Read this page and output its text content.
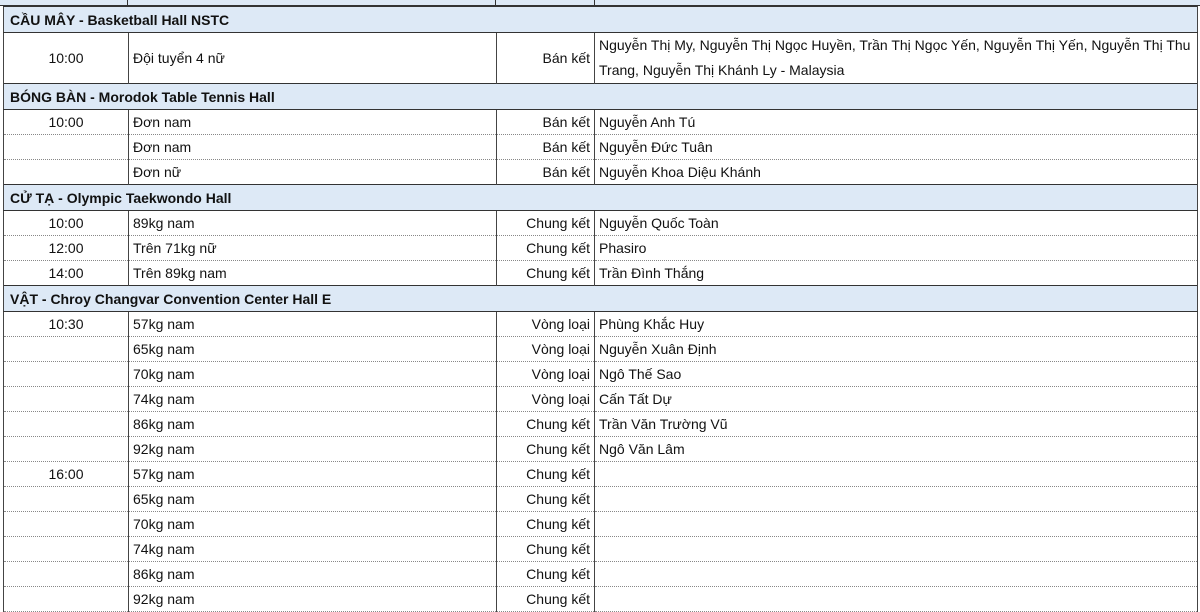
CẦU MÂY - Basketball Hall NSTC			
10:00	Đội tuyển 4 nữ	Bán kết	Nguyễn Thị My, Nguyễn Thị Ngọc Huyền, Trần Thị Ngọc Yến, Nguyễn Thị Yến, Nguyễn Thị Thu Trang, Nguyễn Thị Khánh Ly - Malaysia
BÓNG BÀN - Morodok Table Tennis Hall			
10:00	Đơn nam	Bán kết	Nguyễn Anh Tú
	Đơn nam	Bán kết	Nguyễn Đức Tuân
	Đơn nữ	Bán kết	Nguyễn Khoa Diệu Khánh
CỬ TẠ - Olympic Taekwondo Hall			
10:00	89kg nam	Chung kết	Nguyễn Quốc Toàn
12:00	Trên 71kg nữ	Chung kết	Phasiro
14:00	Trên 89kg nam	Chung kết	Trần Đình Thắng
VẬT - Chroy Changvar Convention Center Hall E			
10:30	57kg nam	Vòng loại	Phùng Khắc Huy
	65kg nam	Vòng loại	Nguyễn Xuân Định
	70kg nam	Vòng loại	Ngô Thế Sao
	74kg nam	Vòng loại	Cấn Tất Dự
	86kg nam	Chung kết	Trần Văn Trường Vũ
	92kg nam	Chung kết	Ngô Văn Lâm
16:00	57kg nam	Chung kết	
	65kg nam	Chung kết	
	70kg nam	Chung kết	
	74kg nam	Chung kết	
	86kg nam	Chung kết	
	92kg nam	Chung kết	
